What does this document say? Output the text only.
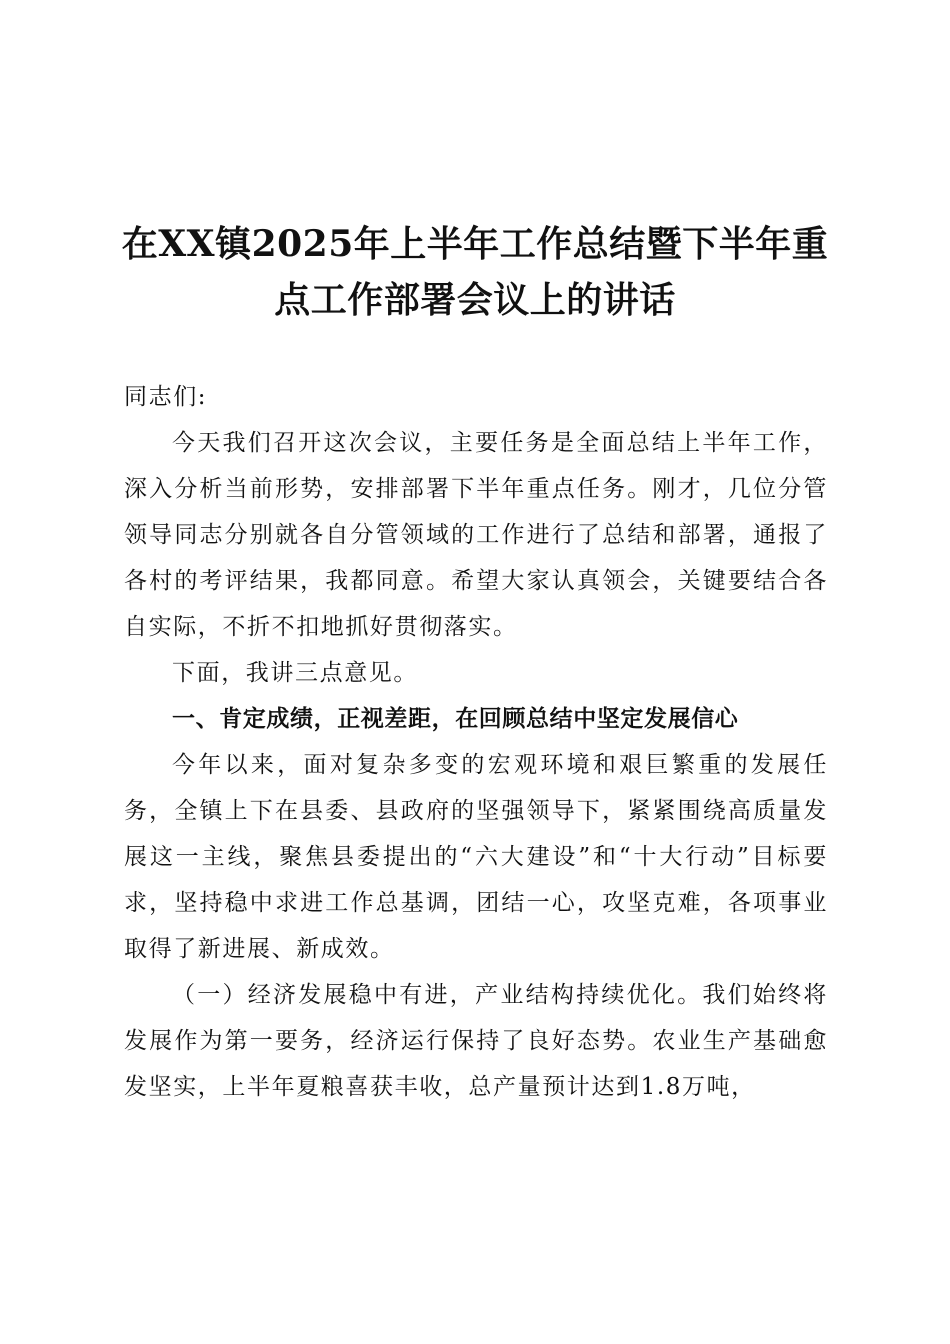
在XX镇2025年上半年工作总结暨下半年重
点工作部署会议上的讲话

同志们:

今天我们召开这次会议，主要任务是全面总结上半年工作，深入分析当前形势，安排部署下半年重点任务。刚才，几位分管领导同志分别就各自分管领域的工作进行了总结和部署，通报了各村的考评结果，我都同意。希望大家认真领会，关键要结合各自实际，不折不扣地抓好贯彻落实。

下面，我讲三点意见。

一、肯定成绩，正视差距，在回顾总结中坚定发展信心

今年以来，面对复杂多变的宏观环境和艰巨繁重的发展任务，全镇上下在县委、县政府的坚强领导下，紧紧围绕高质量发展这一主线，聚焦县委提出的“六大建设”和“十大行动”目标要求，坚持稳中求进工作总基调，团结一心，攻坚克难，各项事业取得了新进展、新成效。

（一）经济发展稳中有进，产业结构持续优化。我们始终将发展作为第一要务，经济运行保持了良好态势。农业生产基础愈发坚实，上半年夏粮喜获丰收，总产量预计达到1.8万吨，
